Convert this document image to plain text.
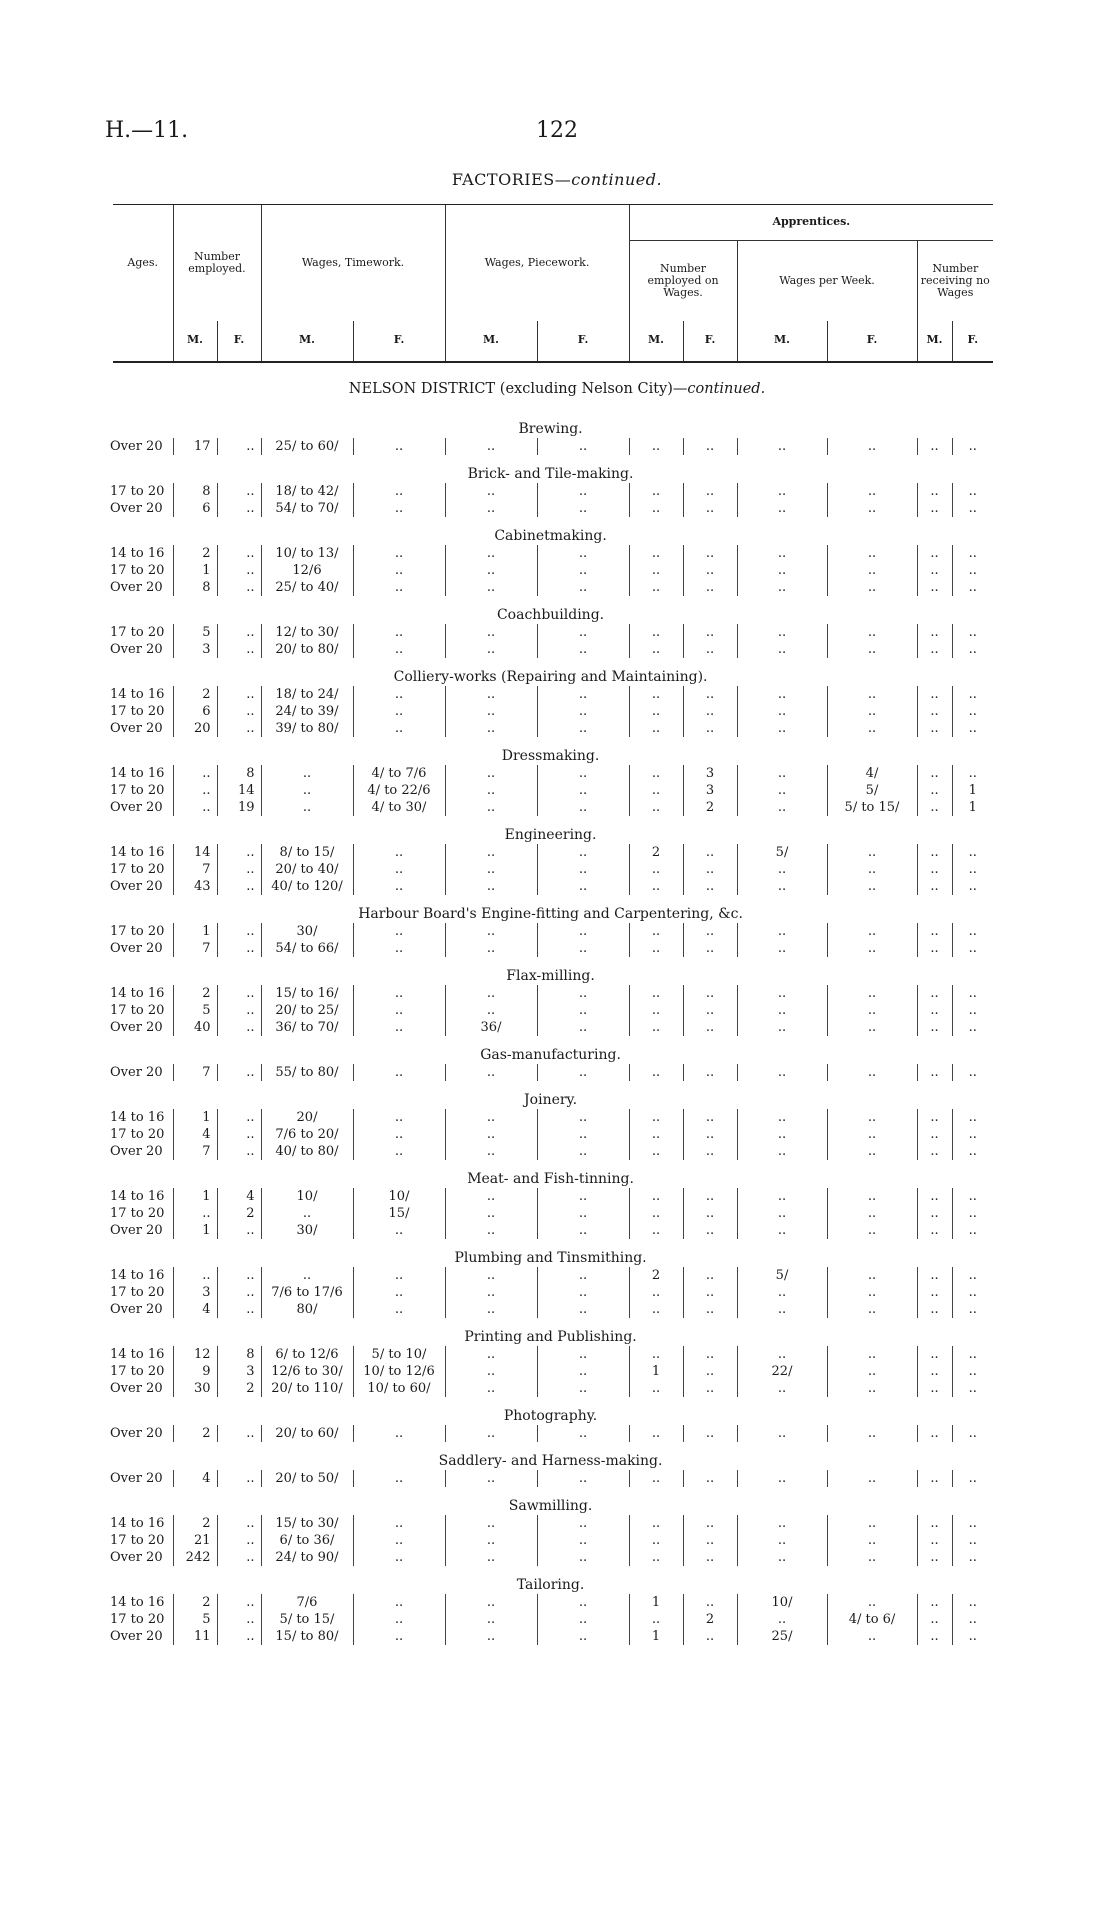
H.—11.	122
FACTORIES—continued.
Ages.	Number employed.		Wages, Timework.		Wages, Piecework.		Apprentices.					
							Number employed on Wages.		Wages per Week.		Number receiving no Wages	
	M.	F.	M.	F.	M.	F.	M.	F.	M.	F.	M.	F.
NELSON DISTRICT (excluding Nelson City)—continued.
Brewing.												
Over 20	17	..	25/ to 60/	..	..	..	..	..	..	..	..	..
Brick- and Tile-making.												
17 to 20	8	..	18/ to 42/	..	..	..	..	..	..	..	..	..
Over 20	6	..	54/ to 70/	..	..	..	..	..	..	..	..	..
Cabinetmaking.												
14 to 16	2	..	10/ to 13/	..	..	..	..	..	..	..	..	..
17 to 20	1	..	12/6	..	..	..	..	..	..	..	..	..
Over 20	8	..	25/ to 40/	..	..	..	..	..	..	..	..	..
Coachbuilding.												
17 to 20	5	..	12/ to 30/	..	..	..	..	..	..	..	..	..
Over 20	3	..	20/ to 80/	..	..	..	..	..	..	..	..	..
Colliery-works (Repairing and Maintaining).												
14 to 16	2	..	18/ to 24/	..	..	..	..	..	..	..	..	..
17 to 20	6	..	24/ to 39/	..	..	..	..	..	..	..	..	..
Over 20	20	..	39/ to 80/	..	..	..	..	..	..	..	..	..
Dressmaking.												
14 to 16	..	8	..	4/ to 7/6	..	..	..	3	..	4/	..	..
17 to 20	..	14	..	4/ to 22/6	..	..	..	3	..	5/	..	1
Over 20	..	19	..	4/ to 30/	..	..	..	2	..	5/ to 15/	..	1
Engineering.												
14 to 16	14	..	8/ to 15/	..	..	..	2	..	5/	..	..	..
17 to 20	7	..	20/ to 40/	..	..	..	..	..	..	..	..	..
Over 20	43	..	40/ to 120/	..	..	..	..	..	..	..	..	..
Harbour Board's Engine-fitting and Carpentering, &c.												
17 to 20	1	..	30/	..	..	..	..	..	..	..	..	..
Over 20	7	..	54/ to 66/	..	..	..	..	..	..	..	..	..
Flax-milling.												
14 to 16	2	..	15/ to 16/	..	..	..	..	..	..	..	..	..
17 to 20	5	..	20/ to 25/	..	..	..	..	..	..	..	..	..
Over 20	40	..	36/ to 70/	..	36/	..	..	..	..	..	..	..
Gas-manufacturing.												
Over 20	7	..	55/ to 80/	..	..	..	..	..	..	..	..	..
Joinery.												
14 to 16	1	..	20/	..	..	..	..	..	..	..	..	..
17 to 20	4	..	7/6 to 20/	..	..	..	..	..	..	..	..	..
Over 20	7	..	40/ to 80/	..	..	..	..	..	..	..	..	..
Meat- and Fish-tinning.												
14 to 16	1	4	10/	10/	..	..	..	..	..	..	..	..
17 to 20	..	2	..	15/	..	..	..	..	..	..	..	..
Over 20	1	..	30/	..	..	..	..	..	..	..	..	..
Plumbing and Tinsmithing.												
14 to 16	..	..	..	..	..	..	2	..	5/	..	..	..
17 to 20	3	..	7/6 to 17/6	..	..	..	..	..	..	..	..	..
Over 20	4	..	80/	..	..	..	..	..	..	..	..	..
Printing and Publishing.												
14 to 16	12	8	6/ to 12/6	5/ to 10/	..	..	..	..	..	..	..	..
17 to 20	9	3	12/6 to 30/	10/ to 12/6	..	..	1	..	22/	..	..	..
Over 20	30	2	20/ to 110/	10/ to 60/	..	..	..	..	..	..	..	..
Photography.												
Over 20	2	..	20/ to 60/	..	..	..	..	..	..	..	..	..
Saddlery- and Harness-making.												
Over 20	4	..	20/ to 50/	..	..	..	..	..	..	..	..	..
Sawmilling.												
14 to 16	2	..	15/ to 30/	..	..	..	..	..	..	..	..	..
17 to 20	21	..	6/ to 36/	..	..	..	..	..	..	..	..	..
Over 20	242	..	24/ to 90/	..	..	..	..	..	..	..	..	..
Tailoring.												
14 to 16	2	..	7/6	..	..	..	1	..	10/	..	..	..
17 to 20	5	..	5/ to 15/	..	..	..	..	2	..	4/ to 6/	..	..
Over 20	11	..	15/ to 80/	..	..	..	1	..	25/	..	..	..
